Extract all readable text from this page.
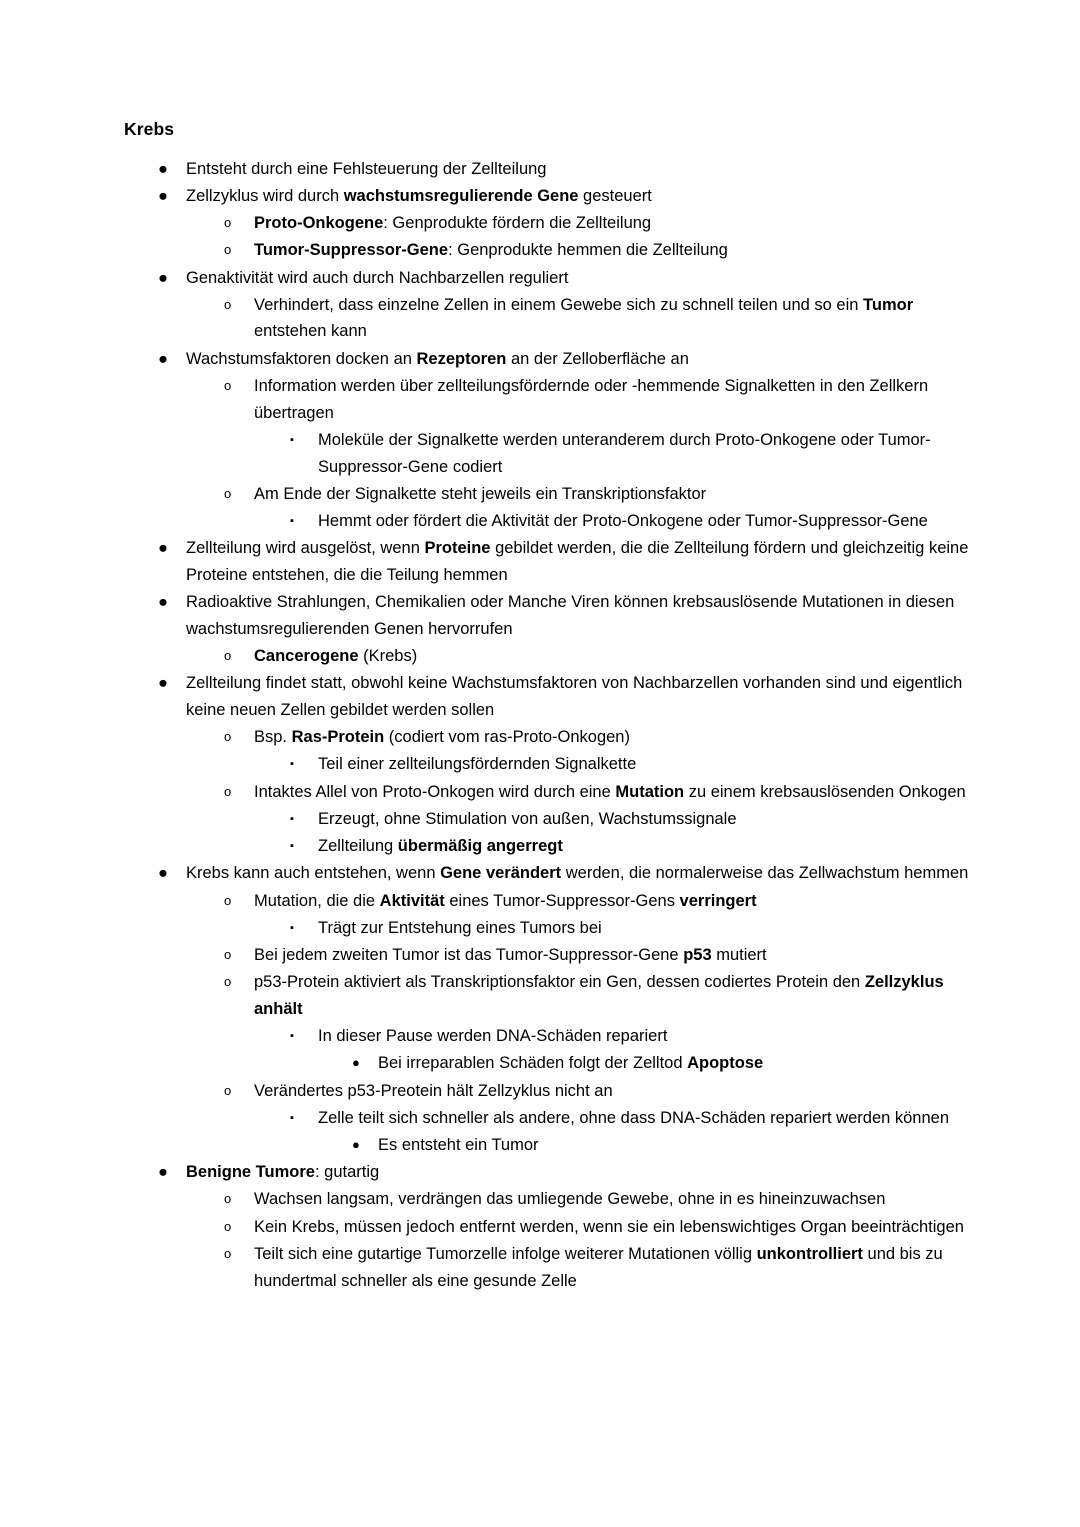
Krebs
● Entsteht durch eine Fehlsteuerung der Zellteilung
● Zellzyklus wird durch wachstumsregulierende Gene gesteuert
o Proto-Onkogene: Genprodukte fördern die Zellteilung
o Tumor-Suppressor-Gene: Genprodukte hemmen die Zellteilung
● Genaktivität wird auch durch Nachbarzellen reguliert
o Verhindert, dass einzelne Zellen in einem Gewebe sich zu schnell teilen und so ein Tumor entstehen kann
● Wachstumsfaktoren docken an Rezeptoren an der Zelloberfläche an
o Information werden über zellteilungsfördernde oder -hemmende Signalketten in den Zellkern übertragen
▪ Moleküle der Signalkette werden unteranderem durch Proto-Onkogene oder Tumor-Suppressor-Gene codiert
o Am Ende der Signalkette steht jeweils ein Transkriptionsfaktor
▪ Hemmt oder fördert die Aktivität der Proto-Onkogene oder Tumor-Suppressor-Gene
● Zellteilung wird ausgelöst, wenn Proteine gebildet werden, die die Zellteilung fördern und gleichzeitig keine Proteine entstehen, die die Teilung hemmen
● Radioaktive Strahlungen, Chemikalien oder Manche Viren können krebsauslösende Mutationen in diesen wachstumsregulierenden Genen hervorrufen
o Cancerogene (Krebs)
● Zellteilung findet statt, obwohl keine Wachstumsfaktoren von Nachbarzellen vorhanden sind und eigentlich keine neuen Zellen gebildet werden sollen
o Bsp. Ras-Protein (codiert vom ras-Proto-Onkogen)
▪ Teil einer zellteilungsfördernden Signalkette
o Intaktes Allel von Proto-Onkogen wird durch eine Mutation zu einem krebsauslösenden Onkogen
▪ Erzeugt, ohne Stimulation von außen, Wachstumssignale
▪ Zellteilung übermäßig angerregt
● Krebs kann auch entstehen, wenn Gene verändert werden, die normalerweise das Zellwachstum hemmen
o Mutation, die die Aktivität eines Tumor-Suppressor-Gens verringert
▪ Trägt zur Entstehung eines Tumors bei
o Bei jedem zweiten Tumor ist das Tumor-Suppressor-Gene p53 mutiert
o p53-Protein aktiviert als Transkriptionsfaktor ein Gen, dessen codiertes Protein den Zellzyklus anhält
▪ In dieser Pause werden DNA-Schäden repariert
● Bei irreparablen Schäden folgt der Zelltod Apoptose
o Verändertes p53-Preotein hält Zellzyklus nicht an
▪ Zelle teilt sich schneller als andere, ohne dass DNA-Schäden repariert werden können
● Es entsteht ein Tumor
● Benigne Tumore: gutartig
o Wachsen langsam, verdrängen das umliegende Gewebe, ohne in es hineinzuwachsen
o Kein Krebs, müssen jedoch entfernt werden, wenn sie ein lebenswichtiges Organ beeinträchtigen
o Teilt sich eine gutartige Tumorzelle infolge weiterer Mutationen völlig unkontrolliert und bis zu hundertmal schneller als eine gesunde Zelle
